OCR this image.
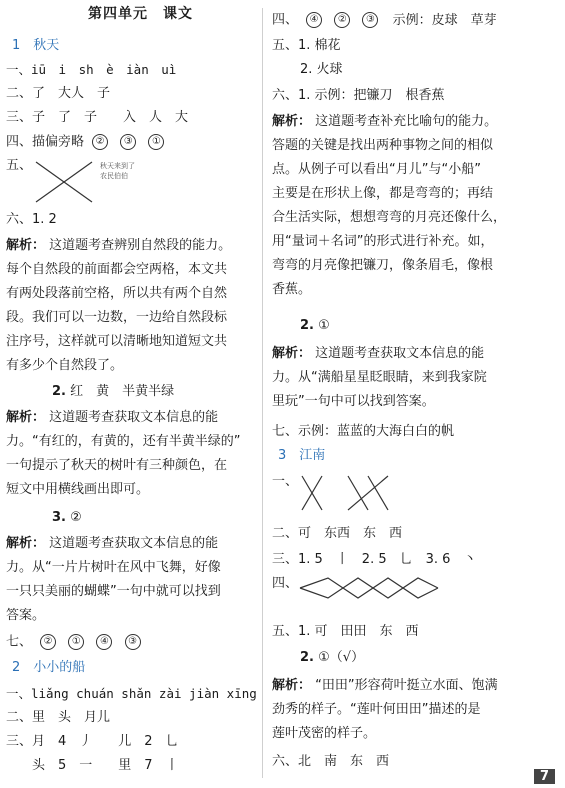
第四单元　课文
1　秋天
一、iū　i　sh　è　iàn　uì
二、了　大人　子
三、子　了　子　　入　人　大
四、描偏旁略 ② ③ ①
五、	秋天来到了
农民伯伯
六、1. 2
解析： 这道题考查辨别自然段的能力。
每个自然段的前面都会空两格，本文共
有两处段落前空格，所以共有两个自然
段。我们可以一边数，一边给自然段标
注序号，这样就可以清晰地知道短文共
有多少个自然段了。
2. 红　黄　半黄半绿
解析： 这道题考查获取文本信息的能
力。“有红的，有黄的，还有半黄半绿的”
一句提示了秋天的树叶有三种颜色，在
短文中用横线画出即可。
3. ②
解析： 这道题考查获取文本信息的能
力。从“一片片树叶在风中飞舞，好像
一只只美丽的蝴蝶”一句中就可以找到
答案。
七、 ② ① ④ ③
2　小小的船
一、liǎng chuán shǎn zài jiàn xīng
二、里　头　月儿
三、月　4　丿　　儿　2　乚
　　头　5　一　　里　7　丨
四、 ④ ② ③ 示例：皮球　草芽
五、1. 棉花
2. 火球
六、1. 示例：把镰刀　根香蕉
解析： 这道题考查补充比喻句的能力。
答题的关键是找出两种事物之间的相似
点。从例子可以看出“月儿”与“小船”
主要是在形状上像，都是弯弯的；再结
合生活实际，想想弯弯的月亮还像什么，
用“量词＋名词”的形式进行补充。如，
弯弯的月亮像把镰刀，像条眉毛，像根
香蕉。
2. ①
解析： 这道题考查获取文本信息的能
力。从“满船星星眨眼睛，来到我家院
里玩”一句中可以找到答案。
七、示例：蓝蓝的大海白白的帆
3　江南
一、
二、可　东西　东　西
三、1. 5　丨　2. 5　乚　3. 6　丶
四、
五、1. 可　田田　东　西
2. ①（√）
解析： “田田”形容荷叶挺立水面、饱满
劲秀的样子。“莲叶何田田”描述的是
莲叶茂密的样子。
六、北　南　东　西
7
